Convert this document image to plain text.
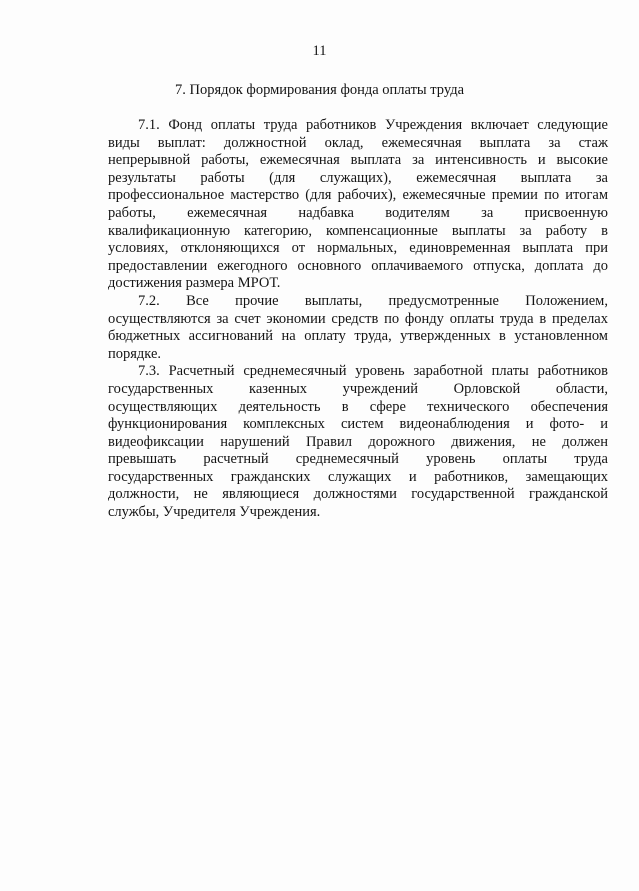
11
7. Порядок формирования фонда оплаты труда
7.1. Фонд оплаты труда работников Учреждения включает следующие
виды выплат: должностной оклад, ежемесячная выплата за стаж
непрерывной работы, ежемесячная выплата за интенсивность и высокие
результаты работы (для служащих), ежемесячная выплата за
профессиональное мастерство (для рабочих), ежемесячные премии по итогам
работы, ежемесячная надбавка водителям за присвоенную
квалификационную категорию, компенсационные выплаты за работу в
условиях, отклоняющихся от нормальных, единовременная выплата при
предоставлении ежегодного основного оплачиваемого отпуска, доплата до
достижения размера МРОТ.
7.2. Все прочие выплаты, предусмотренные Положением,
осуществляются за счет экономии средств по фонду оплаты труда в пределах
бюджетных ассигнований на оплату труда, утвержденных в установленном
порядке.
7.3. Расчетный среднемесячный уровень заработной платы работников
государственных казенных учреждений Орловской области,
осуществляющих деятельность в сфере технического обеспечения
функционирования комплексных систем видеонаблюдения и фото- и
видеофиксации нарушений Правил дорожного движения, не должен
превышать расчетный среднемесячный уровень оплаты труда
государственных гражданских служащих и работников, замещающих
должности, не являющиеся должностями государственной гражданской
службы, Учредителя Учреждения.
